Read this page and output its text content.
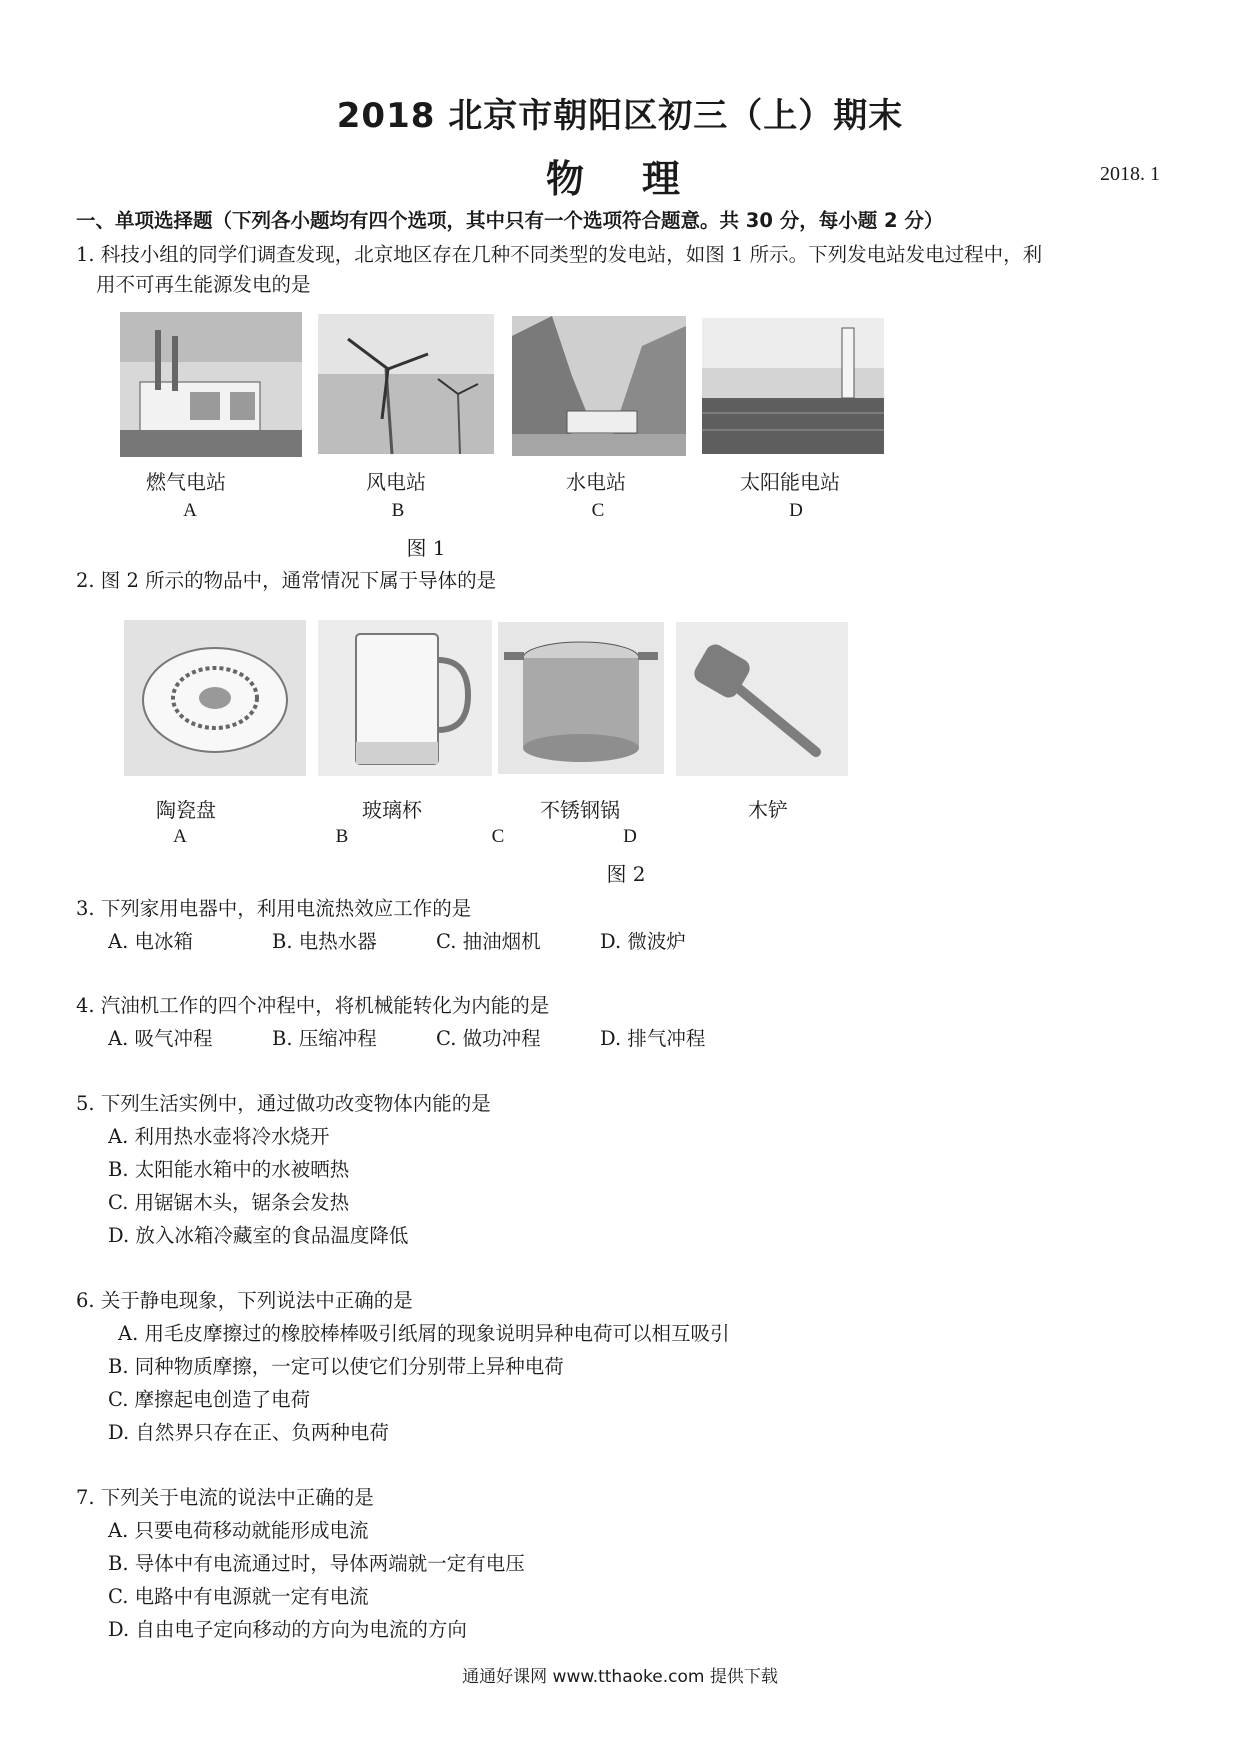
2018 北京市朝阳区初三（上）期末
物理	2018. 1
一、单项选择题（下列各小题均有四个选项，其中只有一个选项符合题意。共 30 分，每小题 2 分）
1. 科技小组的同学们调查发现，北京地区存在几种不同类型的发电站，如图 1 所示。下列发电站发电过程中，利
用不可再生能源发电的是
燃气电站	风电站	水电站	太阳能电站
A	B	C	D
图 1
2. 图 2 所示的物品中，通常情况下属于导体的是
陶瓷盘	玻璃杯	不锈钢锅	木铲
A	B	C	D
图 2
3. 下列家用电器中，利用电流热效应工作的是
A. 电冰箱	B. 电热水器	C. 抽油烟机	D. 微波炉
4. 汽油机工作的四个冲程中，将机械能转化为内能的是
A. 吸气冲程	B. 压缩冲程	C. 做功冲程	D. 排气冲程
5. 下列生活实例中，通过做功改变物体内能的是
A. 利用热水壶将冷水烧开
B. 太阳能水箱中的水被晒热
C. 用锯锯木头，锯条会发热
D. 放入冰箱冷藏室的食品温度降低
6. 关于静电现象，下列说法中正确的是
A. 用毛皮摩擦过的橡胶棒棒吸引纸屑的现象说明异种电荷可以相互吸引
B. 同种物质摩擦，一定可以使它们分别带上异种电荷
C. 摩擦起电创造了电荷
D. 自然界只存在正、负两种电荷
7. 下列关于电流的说法中正确的是
A. 只要电荷移动就能形成电流
B. 导体中有电流通过时，导体两端就一定有电压
C. 电路中有电源就一定有电流
D. 自由电子定向移动的方向为电流的方向
通通好课网 www.tthaoke.com 提供下载
